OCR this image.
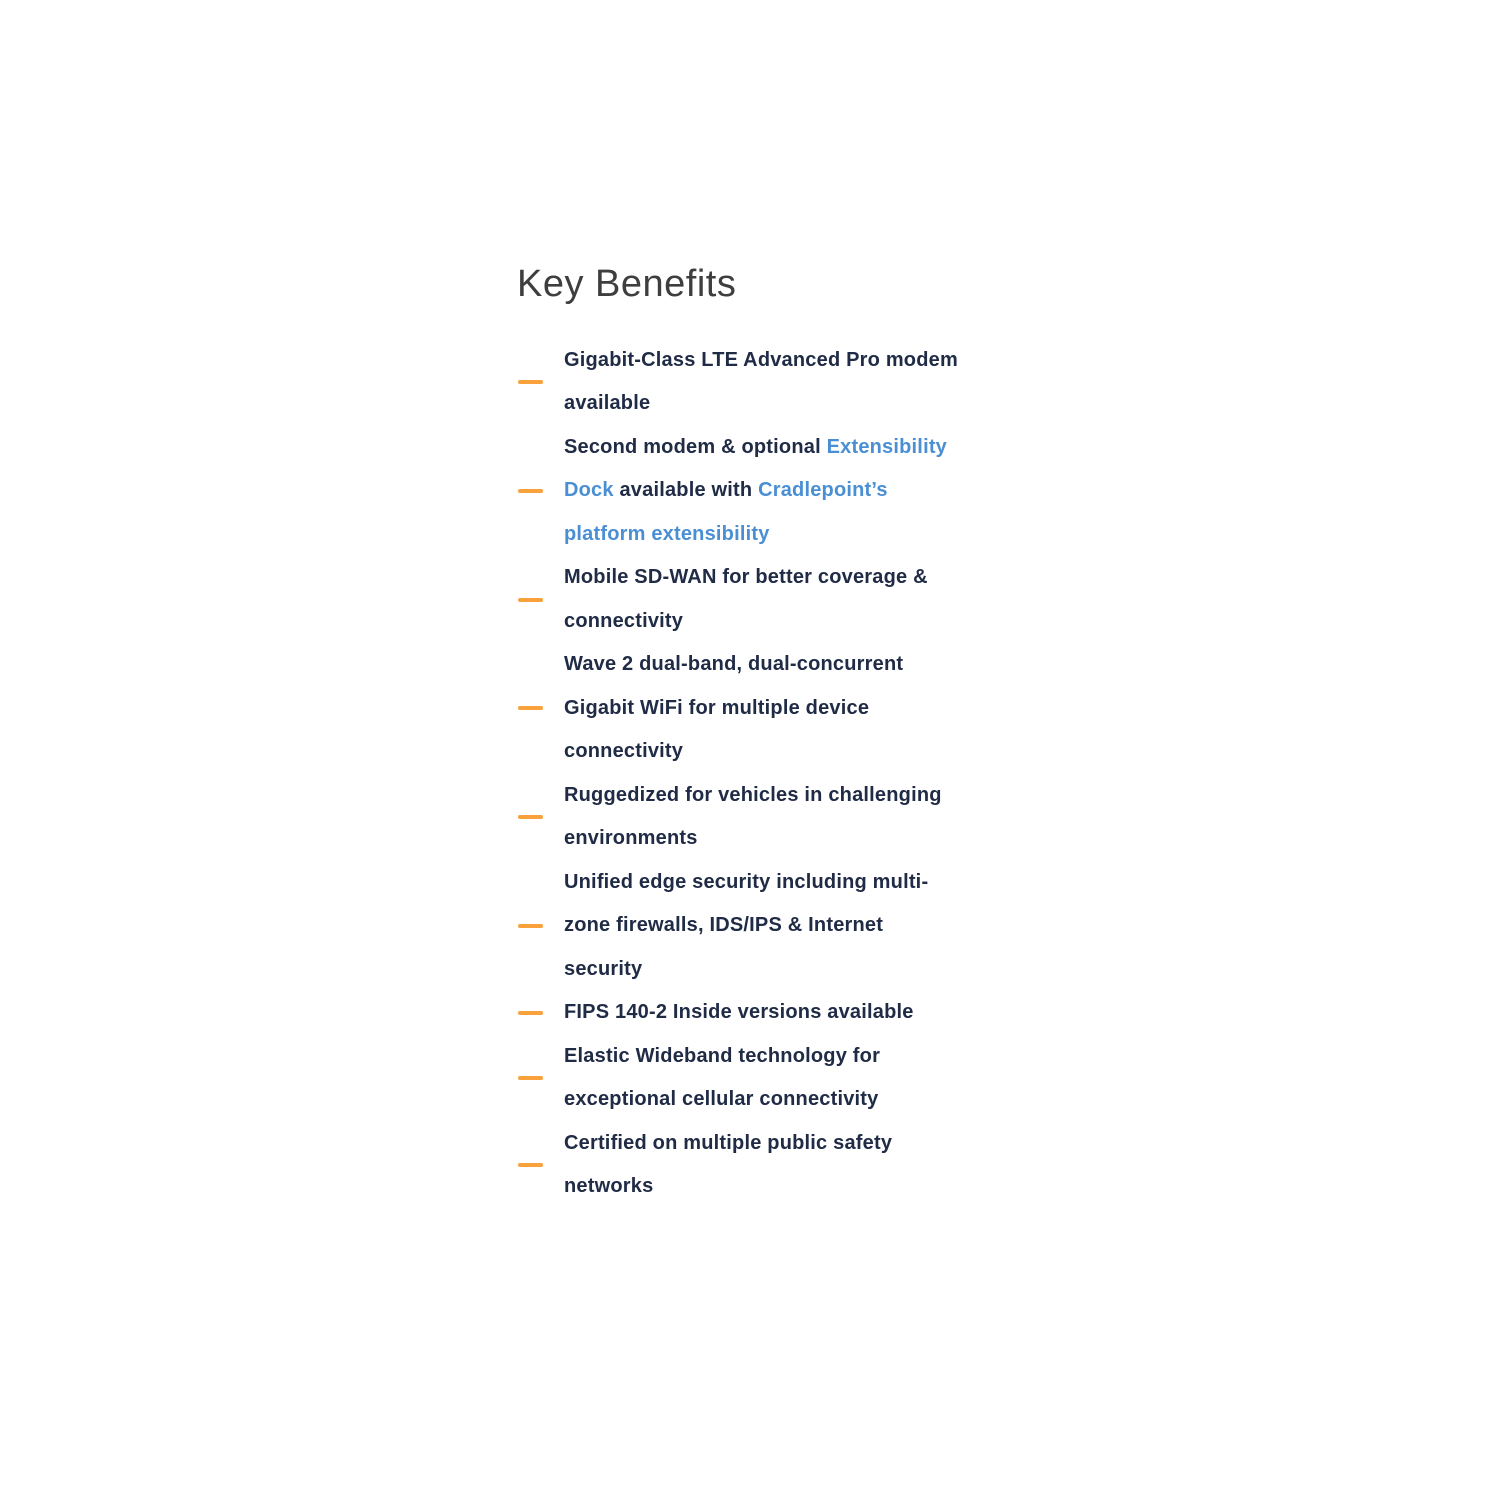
Key Benefits
Gigabit-Class LTE Advanced Pro modem
available
Second modem & optional Extensibility
Dock available with Cradlepoint’s
platform extensibility
Mobile SD-WAN for better coverage &
connectivity
Wave 2 dual-band, dual-concurrent
Gigabit WiFi for multiple device
connectivity
Ruggedized for vehicles in challenging
environments
Unified edge security including multi-
zone firewalls, IDS/IPS & Internet
security
FIPS 140-2 Inside versions available
Elastic Wideband technology for
exceptional cellular connectivity
Certified on multiple public safety
networks
